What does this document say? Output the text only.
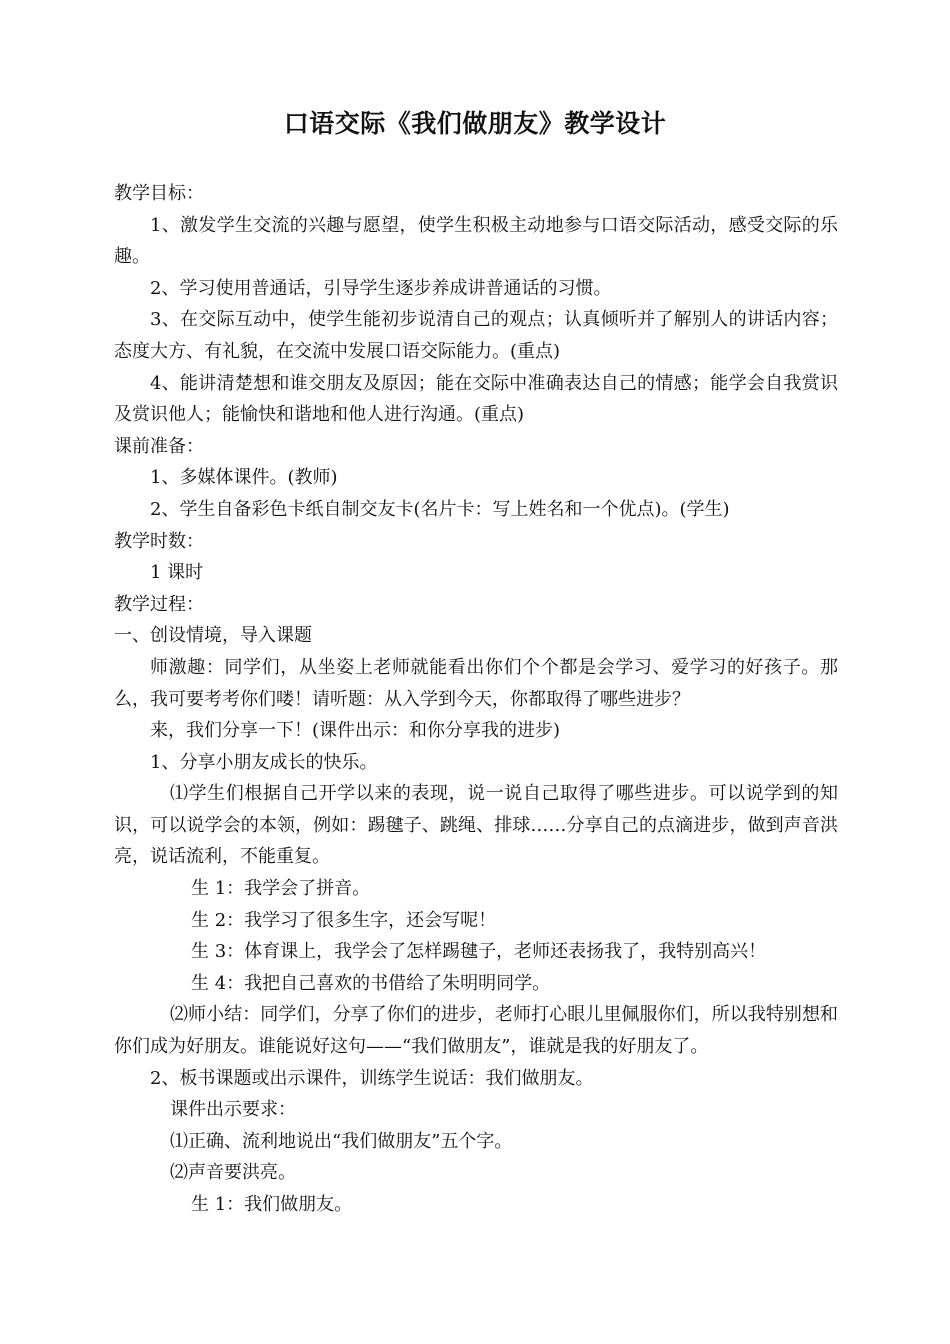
口语交际《我们做朋友》教学设计

教学目标：

1、激发学生交流的兴趣与愿望，使学生积极主动地参与口语交际活动，感受交际的乐趣。

2、学习使用普通话，引导学生逐步养成讲普通话的习惯。

3、在交际互动中，使学生能初步说清自己的观点；认真倾听并了解别人的讲话内容；态度大方、有礼貌，在交流中发展口语交际能力。(重点)

4、能讲清楚想和谁交朋友及原因；能在交际中准确表达自己的情感；能学会自我赏识及赏识他人；能愉快和谐地和他人进行沟通。(重点)

课前准备：

1、多媒体课件。(教师)

2、学生自备彩色卡纸自制交友卡(名片卡：写上姓名和一个优点)。(学生)

教学时数：

1 课时

教学过程：

一、创设情境，导入课题

师激趣：同学们，从坐姿上老师就能看出你们个个都是会学习、爱学习的好孩子。那么，我可要考考你们喽！请听题：从入学到今天，你都取得了哪些进步？

来，我们分享一下！(课件出示：和你分享我的进步)

1、分享小朋友成长的快乐。

⑴学生们根据自己开学以来的表现，说一说自己取得了哪些进步。可以说学到的知识，可以说学会的本领，例如：踢毽子、跳绳、排球……分享自己的点滴进步，做到声音洪亮，说话流利，不能重复。

生 1：我学会了拼音。

生 2：我学习了很多生字，还会写呢！

生 3：体育课上，我学会了怎样踢毽子，老师还表扬我了，我特别高兴！

生 4：我把自己喜欢的书借给了朱明明同学。

⑵师小结：同学们，分享了你们的进步，老师打心眼儿里佩服你们，所以我特别想和你们成为好朋友。谁能说好这句——“我们做朋友”，谁就是我的好朋友了。

2、板书课题或出示课件，训练学生说话：我们做朋友。

课件出示要求：

⑴正确、流利地说出“我们做朋友”五个字。

⑵声音要洪亮。

生 1：我们做朋友。
